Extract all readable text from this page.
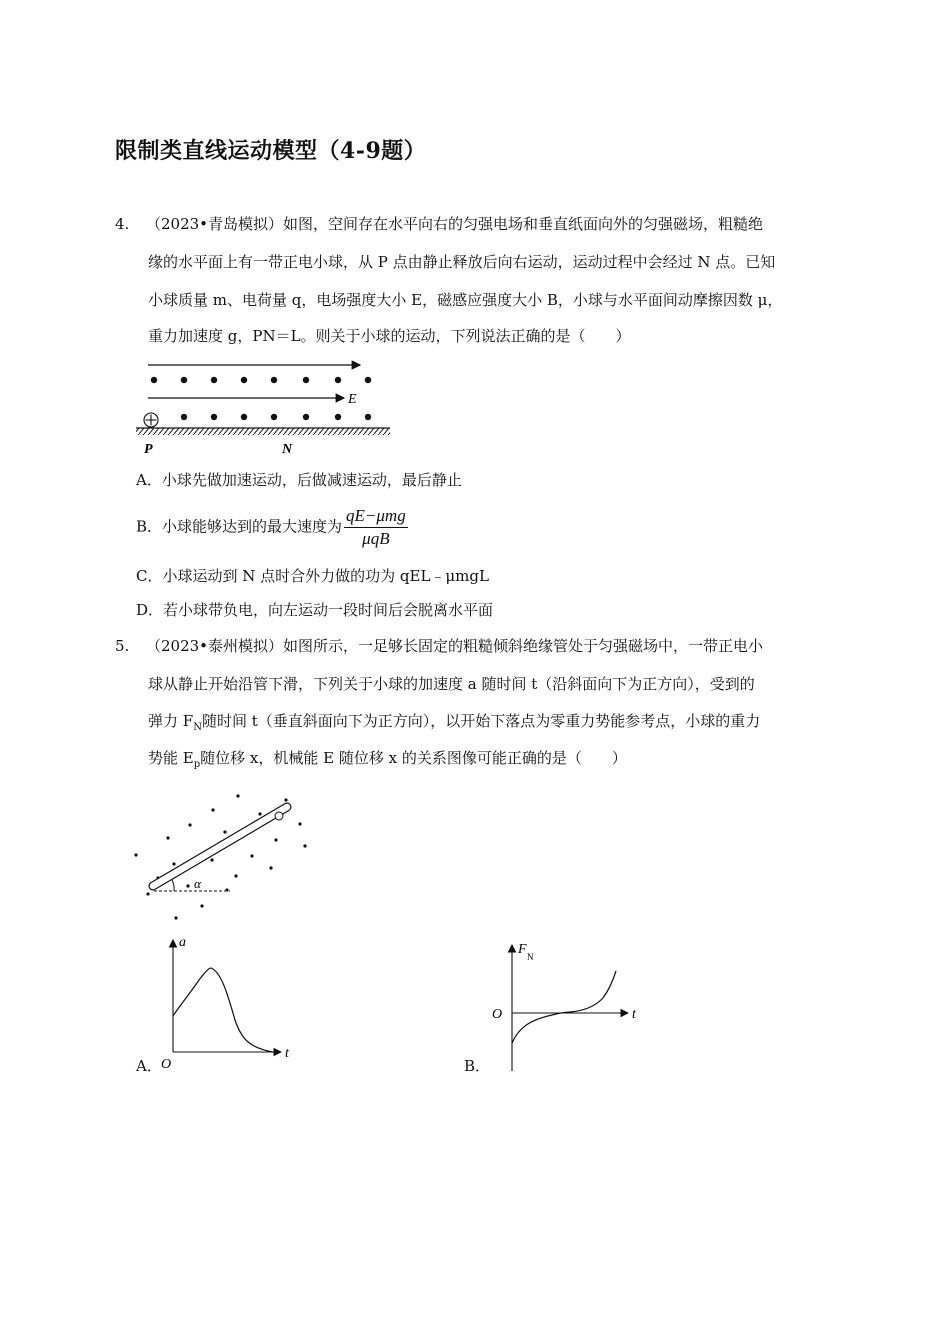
限制类直线运动模型（4-9题）
4. （2023•青岛模拟）如图，空间存在水平向右的匀强电场和垂直纸面向外的匀强磁场，粗糙绝
缘的水平面上有一带正电小球，从 P 点由静止释放后向右运动，运动过程中会经过 N 点。已知
小球质量 m、电荷量 q，电场强度大小 E，磁感应强度大小 B，小球与水平面间动摩擦因数 μ，
重力加速度 g，PN＝L。则关于小球的运动，下列说法正确的是（　　）
E
P	N
A．小球先做加速运动，后做减速运动，最后静止
B．小球能够达到的最大速度为 $\frac{\text{qE−μmg}}{\text{μqB}}$
C．小球运动到 N 点时合外力做的功为 qEL﹣μmgL
D．若小球带负电，向左运动一段时间后会脱离水平面
5. （2023•泰州模拟）如图所示，一足够长固定的粗糙倾斜绝缘管处于匀强磁场中，一带正电小
球从静止开始沿管下滑，下列关于小球的加速度 a 随时间 t（沿斜面向下为正方向），受到的
弹力 $F_N$随时间 t（垂直斜面向下为正方向），以开始下落点为零重力势能参考点，小球的重力
势能 $E_p$随位移 x，机械能 E 随位移 x 的关系图像可能正确的是（　　）
α
A．
a
t
O	B．
F N
t
O
